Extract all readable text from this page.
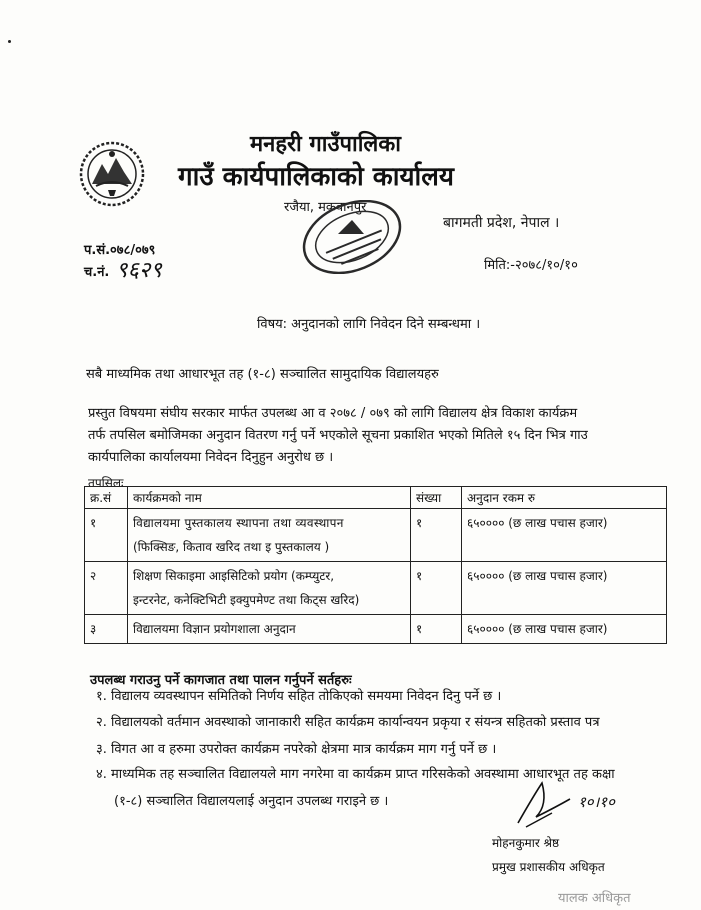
मनहरी गाउँपालिका
गाउँ कार्यपालिकाको कार्यालय
रजैया, मकवानपुर
बागमती प्रदेश, नेपाल ।
प.सं.०७८/०७९
च.नं. ९६२९	मिति:-२०७८/१०/१०
विषय: अनुदानको लागि निवेदन दिने सम्बन्धमा ।
सबै माध्यमिक तथा आधारभूत तह (१-८) सञ्चालित सामुदायिक विद्यालयहरु

प्रस्तुत विषयमा संघीय सरकार मार्फत उपलब्ध आ व २०७८ / ०७९ को लागि विद्यालय क्षेत्र विकाश कार्यक्रम

तर्फ तपसिल बमोजिमका अनुदान वितरण गर्नु पर्ने भएकोले सूचना प्रकाशित भएको मितिले १५ दिन भित्र गाउ

कार्यपालिका कार्यालयमा निवेदन दिनुहुन अनुरोध छ ।

तपसिलः
क्र.सं	कार्यक्रमको नाम	संख्या	अनुदान रकम रु
१	विद्यालयमा पुस्तकालय स्थापना तथा व्यवस्थापन
(फिक्सिङ, किताव खरिद तथा इ पुस्तकालय )	१	६५०००० (छ लाख पचास हजार)
२	शिक्षण सिकाइमा आइसिटिको प्रयोग (कम्प्युटर,
इन्टरनेट, कनेक्टिभिटी इक्युपमेण्ट तथा किट्स खरिद)	१	६५०००० (छ लाख पचास हजार)
३	विद्यालयमा विज्ञान प्रयोगशाला अनुदान	१	६५०००० (छ लाख पचास हजार)
उपलब्ध गराउनु पर्ने कागजात तथा पालन गर्नुपर्ने सर्तहरुः
१. विद्यालय व्यवस्थापन समितिको निर्णय सहित तोकिएको समयमा निवेदन दिनु पर्ने छ ।
२. विद्यालयको वर्तमान अवस्थाको जानाकारी सहित कार्यक्रम कार्यान्वयन प्रकृया र संयन्त्र सहितको प्रस्ताव पत्र
३. विगत आ व हरुमा उपरोक्त कार्यक्रम नपरेको क्षेत्रमा मात्र कार्यक्रम माग गर्नु पर्ने छ ।
४. माध्यमिक तह सञ्चालित विद्यालयले माग नगरेमा वा कार्यक्रम प्राप्त गरिसकेको अवस्थामा आधारभूत तह कक्षा
(१-८) सञ्चालित विद्यालयलाई अनुदान उपलब्ध गराइने छ ।	१०।१०
मोहनकुमार श्रेष्ठ
प्रमुख प्रशासकीय अधिकृत
यालक अधिकृत
